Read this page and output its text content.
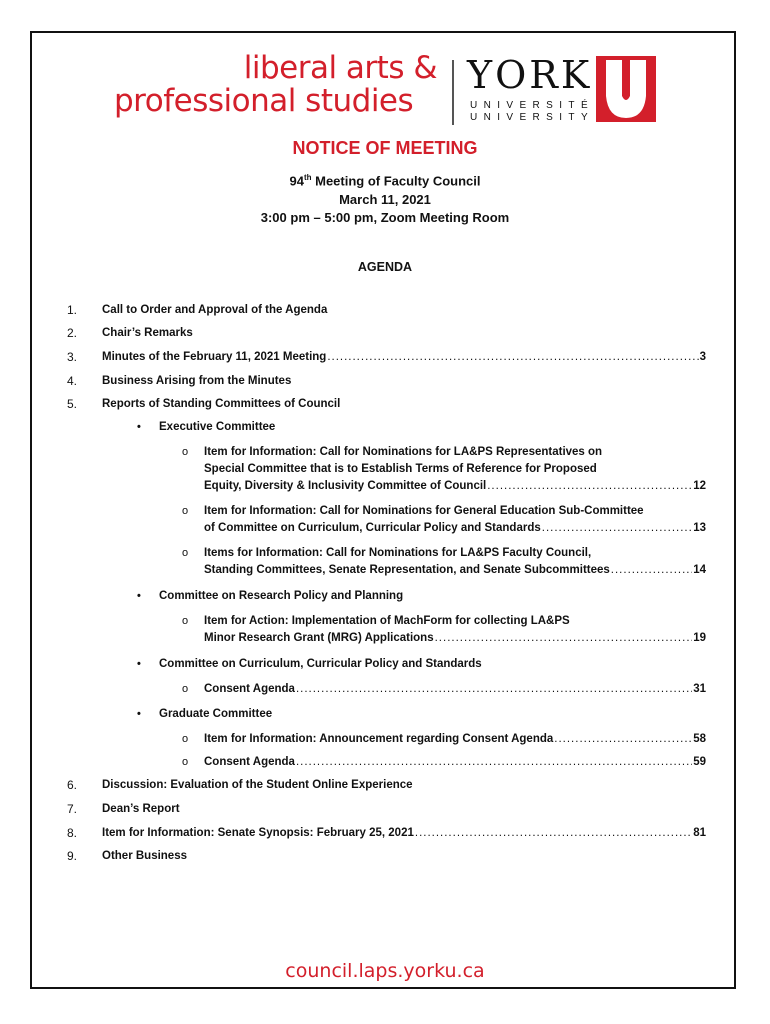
liberal arts &
professional studies
YORK
UNIVERSITÉ
UNIVERSITY
NOTICE OF MEETING
94th Meeting of Faculty Council
March 11, 2021
3:00 pm – 5:00 pm, Zoom Meeting Room
AGENDA
1. Call to Order and Approval of the Agenda
2. Chair’s Remarks
3. Minutes of the February 11, 2021 Meeting .....	3
4. Business Arising from the Minutes
5. Reports of Standing Committees of Council
• Executive Committee
o Item for Information: Call for Nominations for LA&PS Representatives on
Special Committee that is to Establish Terms of Reference for Proposed
Equity, Diversity & Inclusivity Committee of Council .....	12
o Item for Information: Call for Nominations for General Education Sub-Committee
of Committee on Curriculum, Curricular Policy and Standards .....	13
o Items for Information: Call for Nominations for LA&PS Faculty Council,
Standing Committees, Senate Representation, and Senate Subcommittees .....	14
• Committee on Research Policy and Planning
o Item for Action: Implementation of MachForm for collecting LA&PS
Minor Research Grant (MRG) Applications .....	19
• Committee on Curriculum, Curricular Policy and Standards
o Consent Agenda .....	31
• Graduate Committee
o Item for Information: Announcement regarding Consent Agenda .....	58
o Consent Agenda .....	59
6. Discussion: Evaluation of the Student Online Experience
7. Dean’s Report
8. Item for Information: Senate Synopsis: February 25, 2021 .....	81
9. Other Business
council.laps.yorku.ca
